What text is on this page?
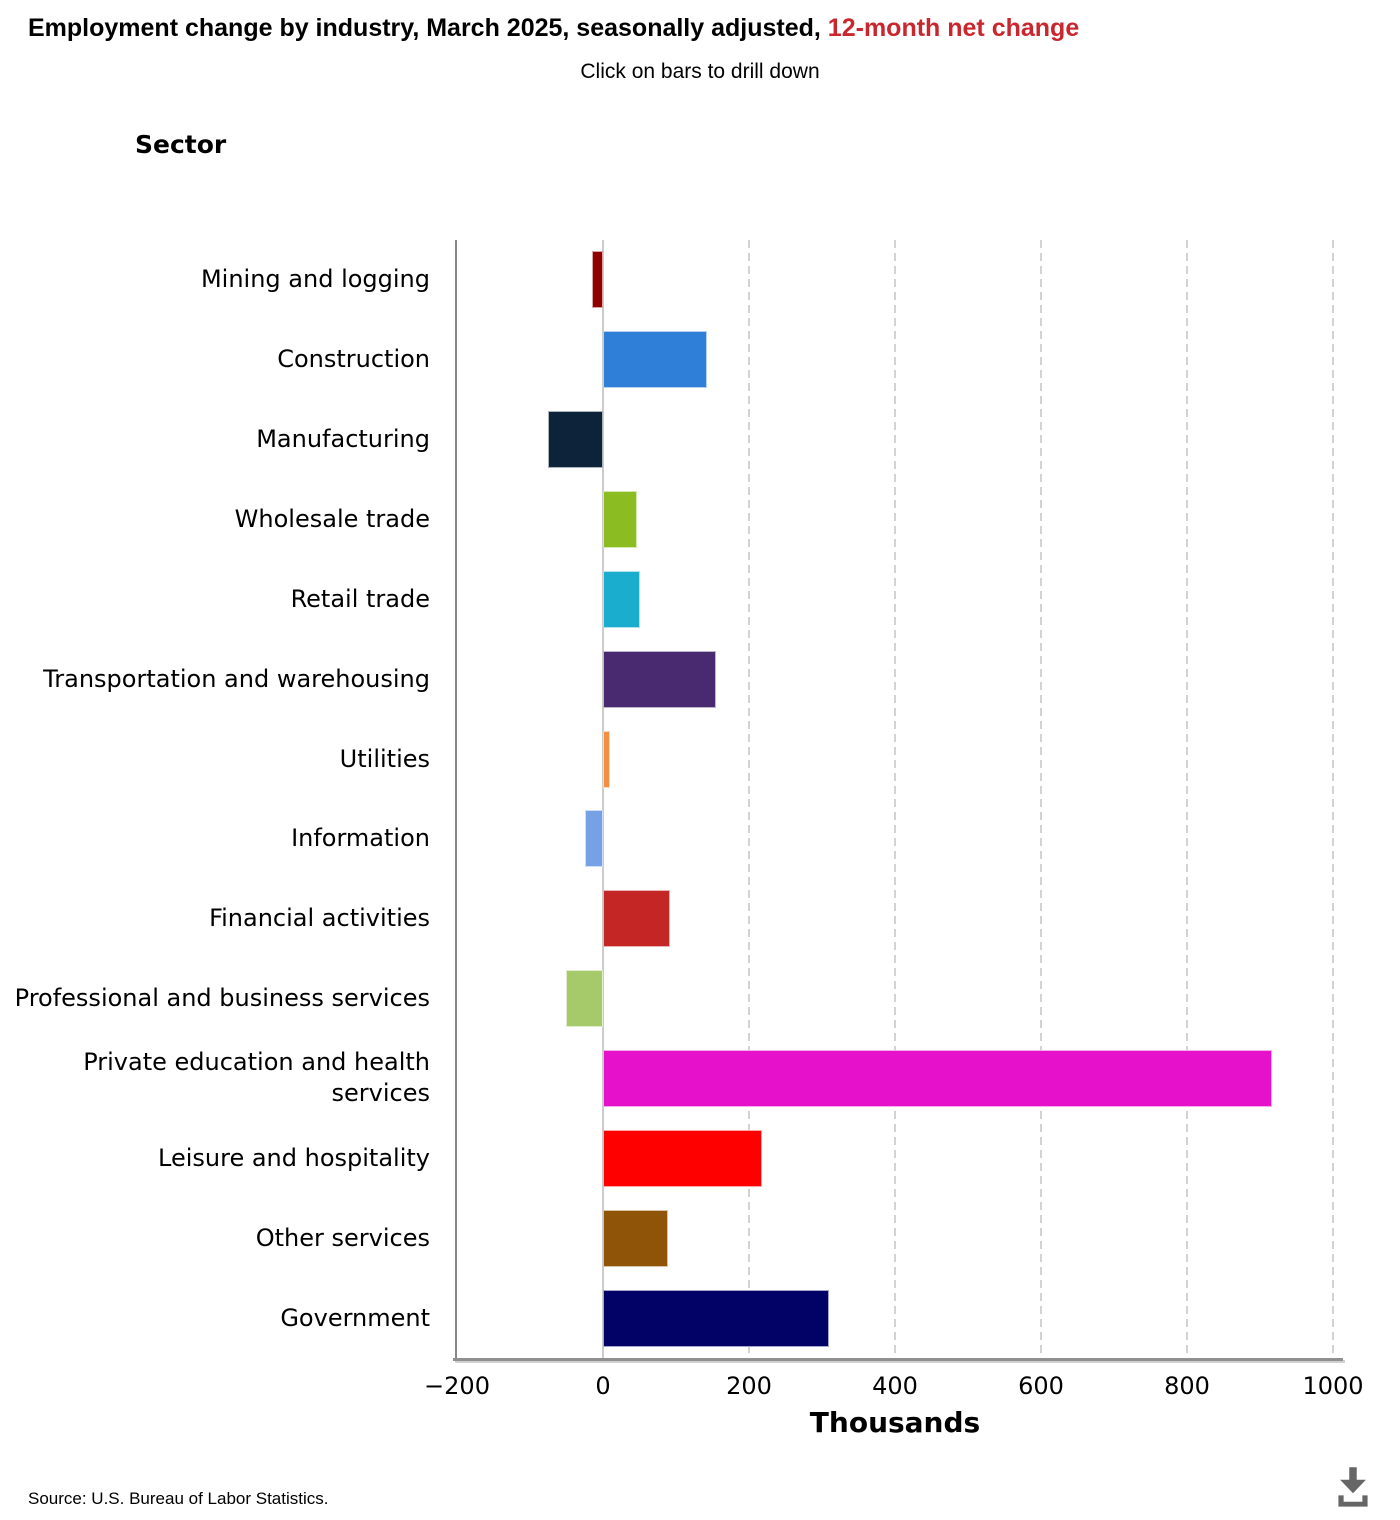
Employment change by industry, March 2025, seasonally adjusted, 12-month net change
Click on bars to drill down
Sector
Mining and logging
Construction
Manufacturing
Wholesale trade
Retail trade
Transportation and warehousing
Utilities
Information
Financial activities
Professional and business services
Private education and health services
Leisure and hospitality
Other services
Government
−200	0	200	400	600	800	1000
Thousands
Source: U.S. Bureau of Labor Statistics.
